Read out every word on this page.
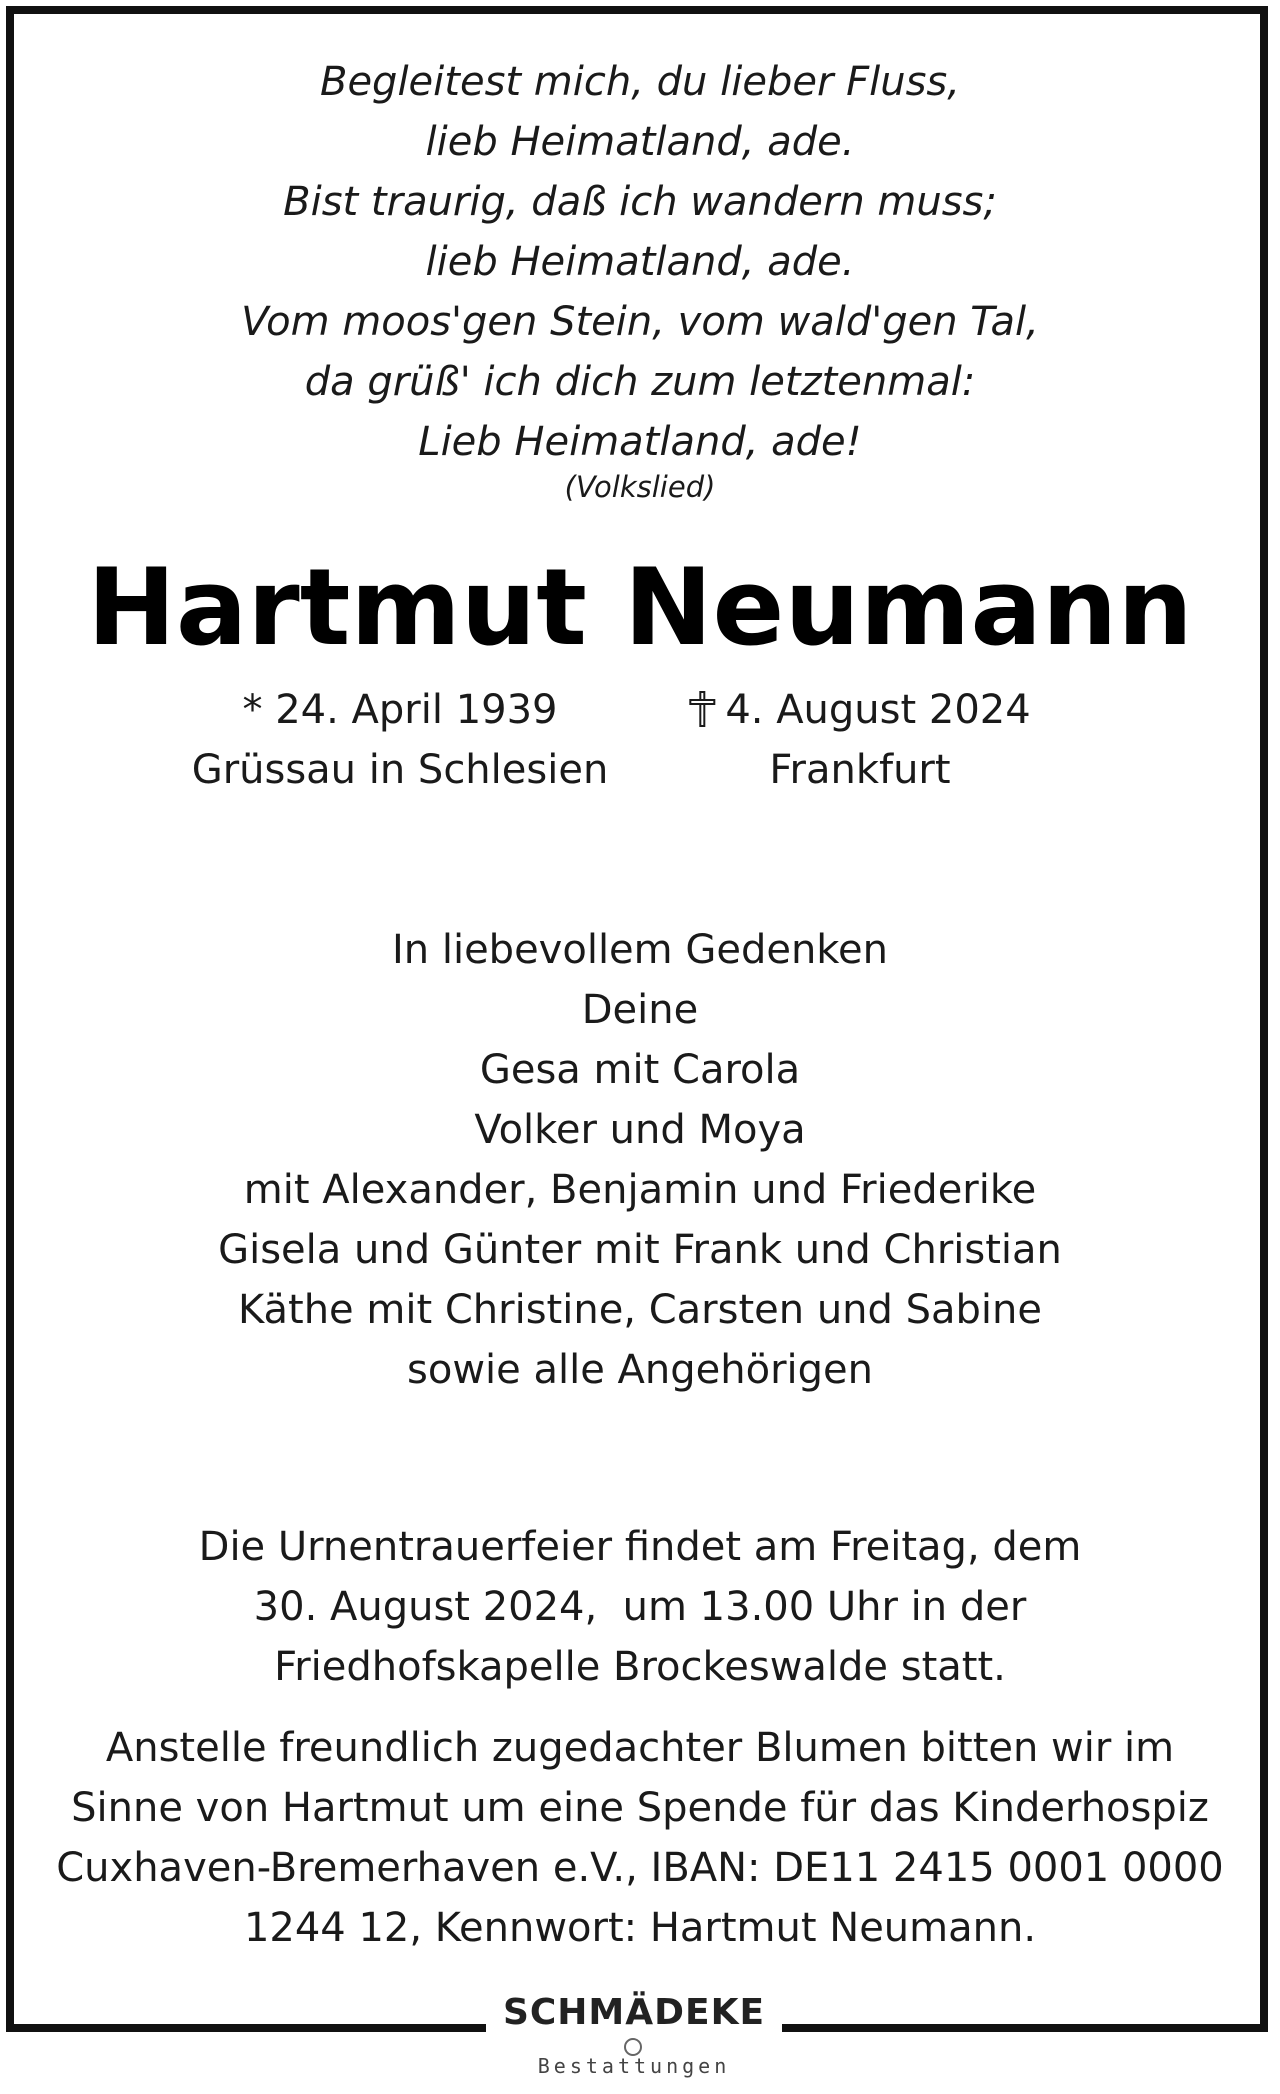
Begleitest mich, du lieber Fluss,
lieb Heimatland, ade.
Bist traurig, daß ich wandern muss;
lieb Heimatland, ade.
Vom moos'gen Stein, vom wald'gen Tal,
da grüß' ich dich zum letztenmal:
Lieb Heimatland, ade!
(Volkslied)
Hartmut Neumann
* 24. April 1939
Grüssau in Schlesien
4. August 2024
Frankfurt
In liebevollem Gedenken
Deine
Gesa mit Carola
Volker und Moya
mit Alexander, Benjamin und Friederike
Gisela und Günter mit Frank und Christian
Käthe mit Christine, Carsten und Sabine
sowie alle Angehörigen
Die Urnentrauerfeier findet am Freitag, dem
30. August 2024,  um 13.00 Uhr in der
Friedhofskapelle Brockeswalde statt.
Anstelle freundlich zugedachter Blumen bitten wir im
Sinne von Hartmut um eine Spende für das Kinderhospiz
Cuxhaven-Bremerhaven e.V., IBAN: DE11 2415 0001 0000
1244 12, Kennwort: Hartmut Neumann.
SCHMÄDEKE
Bestattungen
